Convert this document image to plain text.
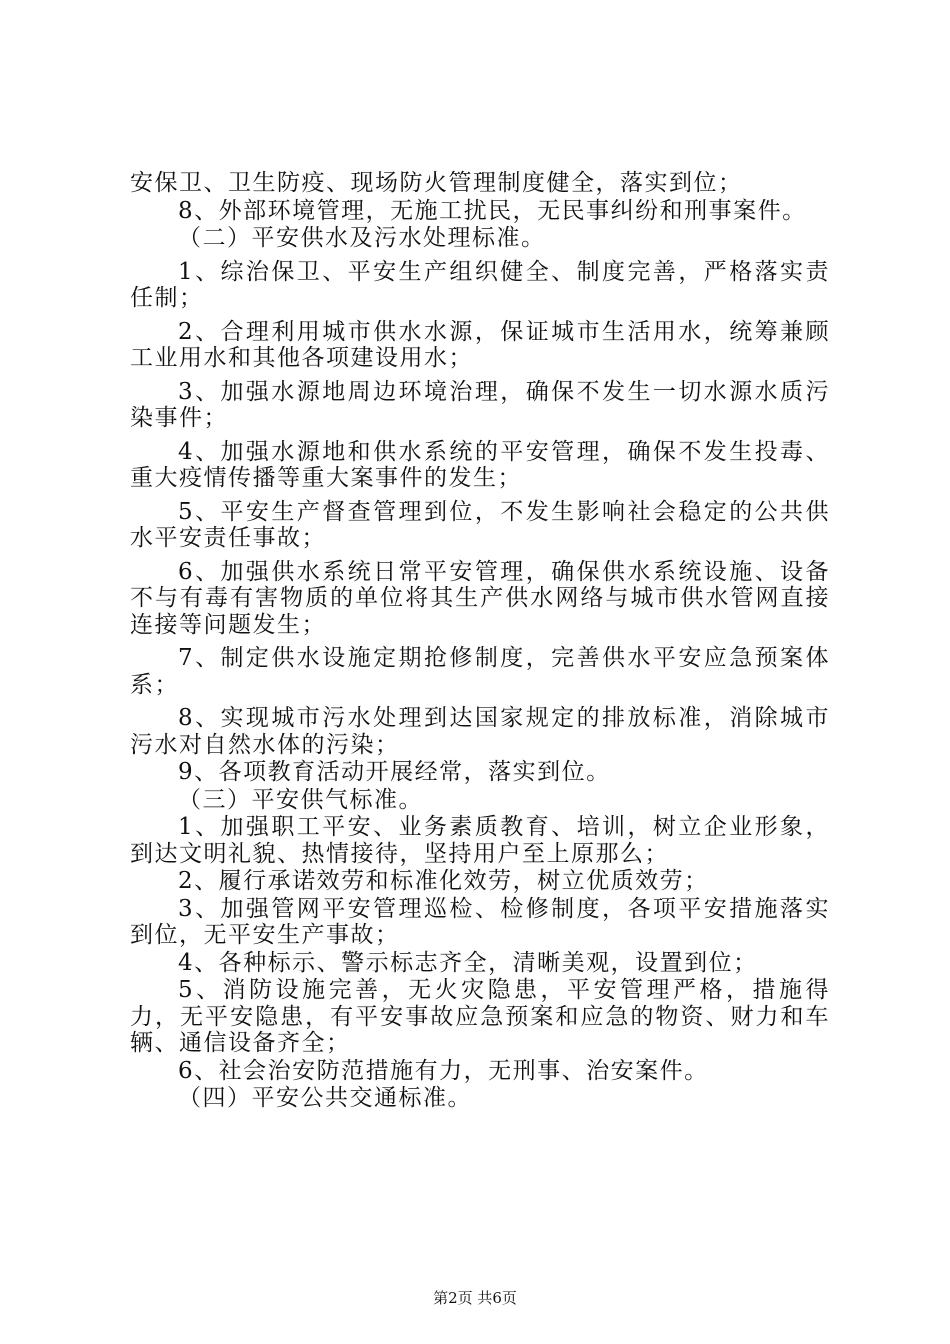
安保卫、卫生防疫、现场防火管理制度健全，落实到位；

8、外部环境管理，无施工扰民，无民事纠纷和刑事案件。

（二）平安供水及污水处理标准。

1、综治保卫、平安生产组织健全、制度完善，严格落实责任制；

2、合理利用城市供水水源，保证城市生活用水，统筹兼顾工业用水和其他各项建设用水；

3、加强水源地周边环境治理，确保不发生一切水源水质污染事件；

4、加强水源地和供水系统的平安管理，确保不发生投毒、重大疫情传播等重大案事件的发生；

5、平安生产督查管理到位，不发生影响社会稳定的公共供水平安责任事故；

6、加强供水系统日常平安管理，确保供水系统设施、设备不与有毒有害物质的单位将其生产供水网络与城市供水管网直接连接等问题发生；

7、制定供水设施定期抢修制度，完善供水平安应急预案体系；

8、实现城市污水处理到达国家规定的排放标准，消除城市污水对自然水体的污染；

9、各项教育活动开展经常，落实到位。

（三）平安供气标准。

1、加强职工平安、业务素质教育、培训，树立企业形象，到达文明礼貌、热情接待，坚持用户至上原那么；

2、履行承诺效劳和标准化效劳，树立优质效劳；

3、加强管网平安管理巡检、检修制度，各项平安措施落实到位，无平安生产事故；

4、各种标示、警示标志齐全，清晰美观，设置到位；

5、消防设施完善，无火灾隐患，平安管理严格，措施得力，无平安隐患，有平安事故应急预案和应急的物资、财力和车辆、通信设备齐全；

6、社会治安防范措施有力，无刑事、治安案件。

（四）平安公共交通标准。

第2页 共6页
